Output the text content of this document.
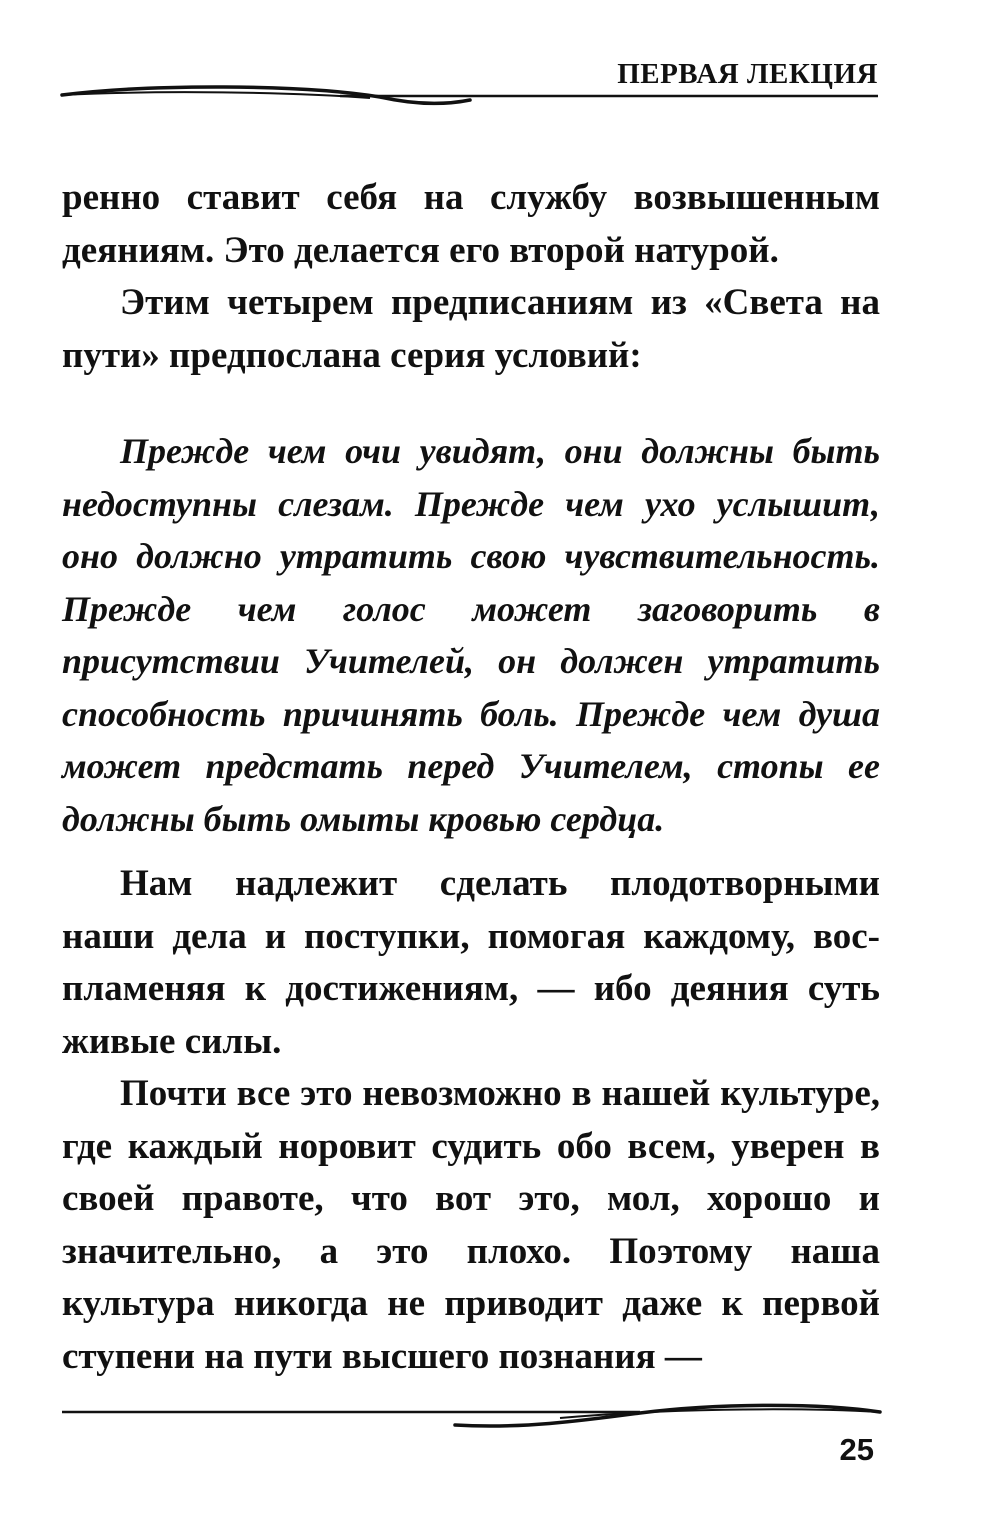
ПЕРВАЯ ЛЕКЦИЯ

ренно ставит себя на службу возвышенным деяниям. Это делается его второй натурой.

Этим четырем предписаниям из «Света на пути» предпослана серия условий:

Прежде чем очи увидят, они должны быть недоступны слезам. Прежде чем ухо услышит, оно должно утратить свою чувствительность. Прежде чем голос может заговорить в присутствии Учителей, он должен утратить способность причинять боль. Прежде чем душа может предстать перед Учителем, стопы ее должны быть омыты кровью сердца.

Нам надлежит сделать плодотворными наши дела и поступки, помогая каждому, воспламеняя к достижениям, — ибо деяния суть живые силы.

Почти все это невозможно в нашей культуре, где каждый норовит судить обо всем, уверен в своей правоте, что вот это, мол, хорошо и значительно, а это плохо. Поэтому наша культура никогда не приводит даже к первой ступени на пути высшего познания —

25
